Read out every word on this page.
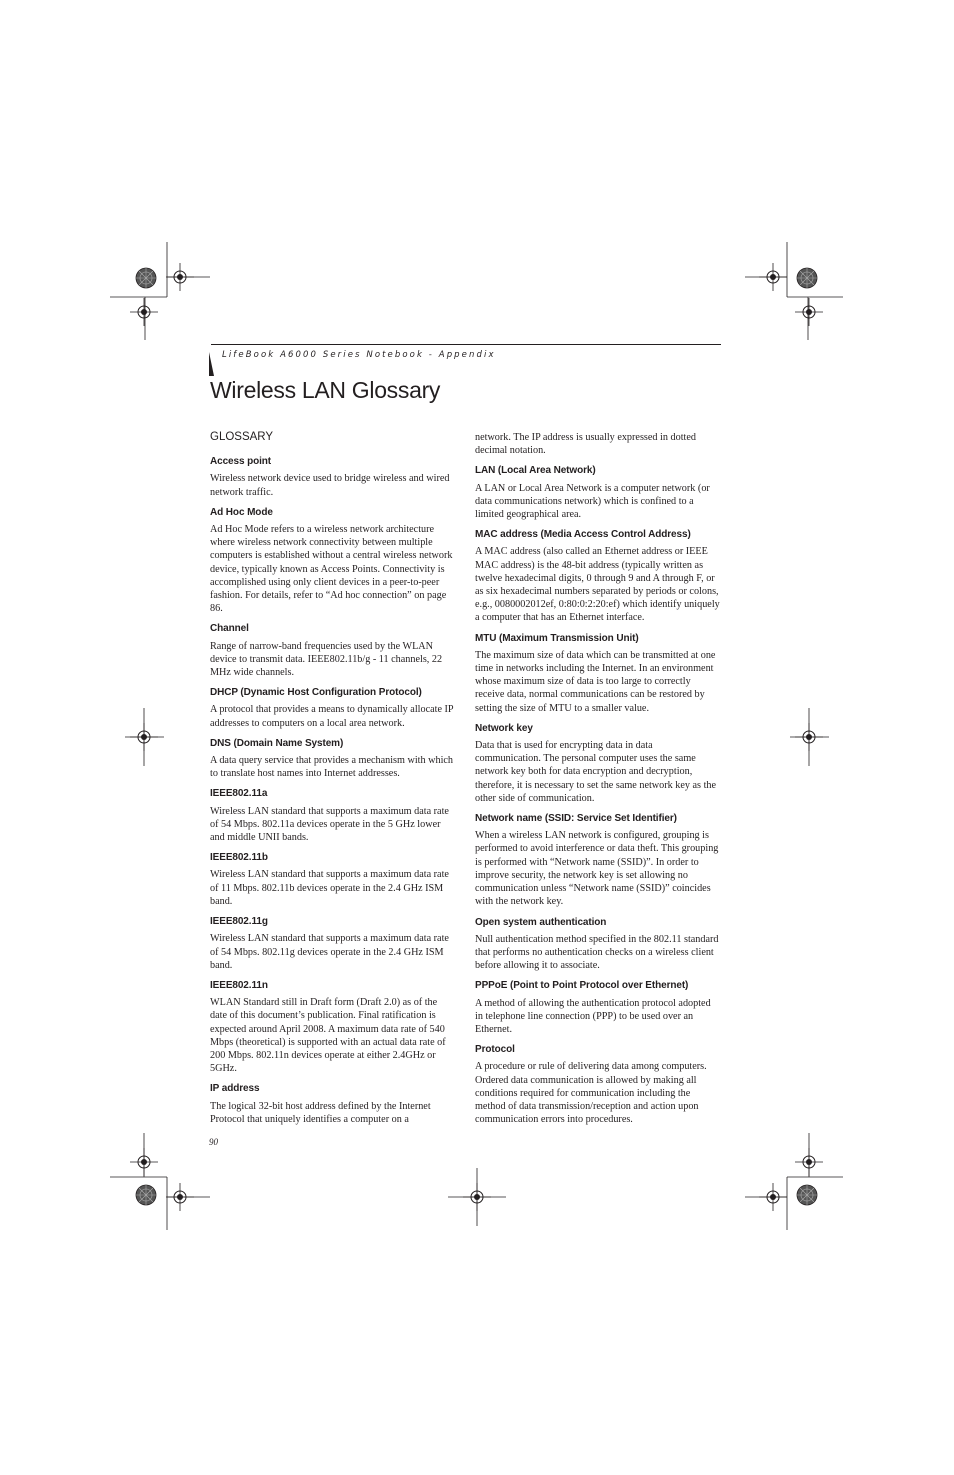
LifeBook A6000 Series Notebook - Appendix
Wireless LAN Glossary
GLOSSARY
Access point

Wireless network device used to bridge wireless and wired network traffic.

Ad Hoc Mode

Ad Hoc Mode refers to a wireless network architecture where wireless network connectivity between multiple computers is established without a central wireless network device, typically known as Access Points. Connectivity is accomplished using only client devices in a peer-to-peer fashion. For details, refer to “Ad hoc connection” on page 86.

Channel

Range of narrow-band frequencies used by the WLAN device to transmit data. IEEE802.11b/g - 11 channels, 22 MHz wide channels.

DHCP (Dynamic Host Configuration Protocol)

A protocol that provides a means to dynamically allocate IP addresses to computers on a local area network.

DNS (Domain Name System)

A data query service that provides a mechanism with which to translate host names into Internet addresses.

IEEE802.11a

Wireless LAN standard that supports a maximum data rate of 54 Mbps. 802.11a devices operate in the 5 GHz lower and middle UNII bands.

IEEE802.11b

Wireless LAN standard that supports a maximum data rate of 11 Mbps. 802.11b devices operate in the 2.4 GHz ISM band.

IEEE802.11g

Wireless LAN standard that supports a maximum data rate of 54 Mbps. 802.11g devices operate in the 2.4 GHz ISM band.

IEEE802.11n

WLAN Standard still in Draft form (Draft 2.0) as of the date of this document’s publication. Final ratification is expected around April 2008. A maximum data rate of 540 Mbps (theoretical) is supported with an actual data rate of 200 Mbps. 802.11n devices operate at either 2.4GHz or 5GHz.

IP address

The logical 32-bit host address defined by the Internet Protocol that uniquely identifies a computer on a

network. The IP address is usually expressed in dotted decimal notation.

LAN (Local Area Network)

A LAN or Local Area Network is a computer network (or data communications network) which is confined to a limited geographical area.

MAC address (Media Access Control Address)

A MAC address (also called an Ethernet address or IEEE MAC address) is the 48-bit address (typically written as twelve hexadecimal digits, 0 through 9 and A through F, or as six hexadecimal numbers separated by periods or colons, e.g., 0080002012ef, 0:80:0:2:20:ef) which identify uniquely a computer that has an Ethernet interface.

MTU (Maximum Transmission Unit)

The maximum size of data which can be transmitted at one time in networks including the Internet. In an environment whose maximum size of data is too large to correctly receive data, normal communications can be restored by setting the size of MTU to a smaller value.

Network key

Data that is used for encrypting data in data communication. The personal computer uses the same network key both for data encryption and decryption, therefore, it is necessary to set the same network key as the other side of communication.

Network name (SSID: Service Set Identifier)

When a wireless LAN network is configured, grouping is performed to avoid interference or data theft. This grouping is performed with “Network name (SSID)”. In order to improve security, the network key is set allowing no communication unless “Network name (SSID)” coincides with the network key.

Open system authentication

Null authentication method specified in the 802.11 standard that performs no authentication checks on a wireless client before allowing it to associate.

PPPoE (Point to Point Protocol over Ethernet)

A method of allowing the authentication protocol adopted in telephone line connection (PPP) to be used over an Ethernet.

Protocol

A procedure or rule of delivering data among computers. Ordered data communication is allowed by making all conditions required for communication including the method of data transmission/reception and action upon communication errors into procedures.

90
